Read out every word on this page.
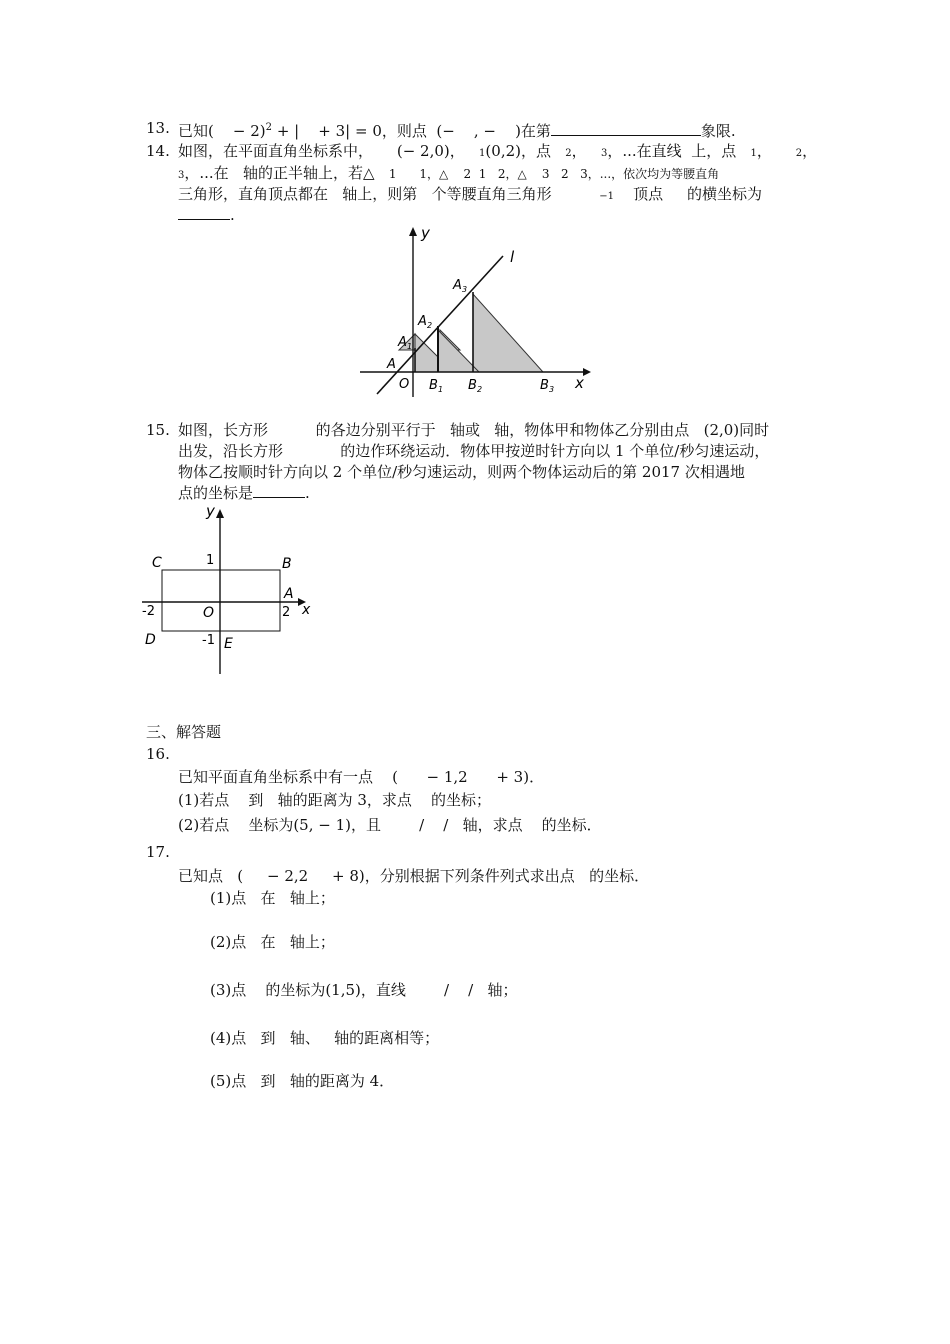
13. 已知(    − 2)$^2$ + |    + 3| = 0，则点  (−    , −    )在第	象限.
14. 如图，在平面直角坐标系中，     (− 2,0)，   1(0,2)，点   2，   3，...在直线  上，点   1，     2，
3，...在   轴的正半轴上，若△   1      1，△    2  1   2，△    3   2   3，...，依次均为等腰直角
三角形，直角顶点都在   轴上，则第   个等腰直角三角形          −1    顶点     的横坐标为
.
y
x
l
A
A 1
A 2
A 3
O B 1 B 2	B 3
15. 如图，长方形          的各边分别平行于   轴或   轴，物体甲和物体乙分别由点   (2,0)同时
出发，沿长方形            的边作环绕运动．物体甲按逆时针方向以 1 个单位/秒匀速运动，
物体乙按顺时针方向以 2 个单位/秒匀速运动，则两个物体运动后的第 2017 次相遇地
点的坐标是	.
y
x
C	B
A
D	E
O
1
-1
2
-2
三、解答题
16.
已知平面直角坐标系中有一点    (      − 1,2      + 3)．
(1)若点    到   轴的距离为 3，求点    的坐标；
(2)若点    坐标为(5, − 1)，且        /    /   轴，求点    的坐标．
17.
已知点   (     − 2,2     + 8)，分别根据下列条件列式求出点   的坐标．
(1)点   在   轴上；
(2)点   在   轴上；
(3)点    的坐标为(1,5)，直线        /    /   轴；
(4)点   到   轴、   轴的距离相等；
(5)点   到   轴的距离为 4．
